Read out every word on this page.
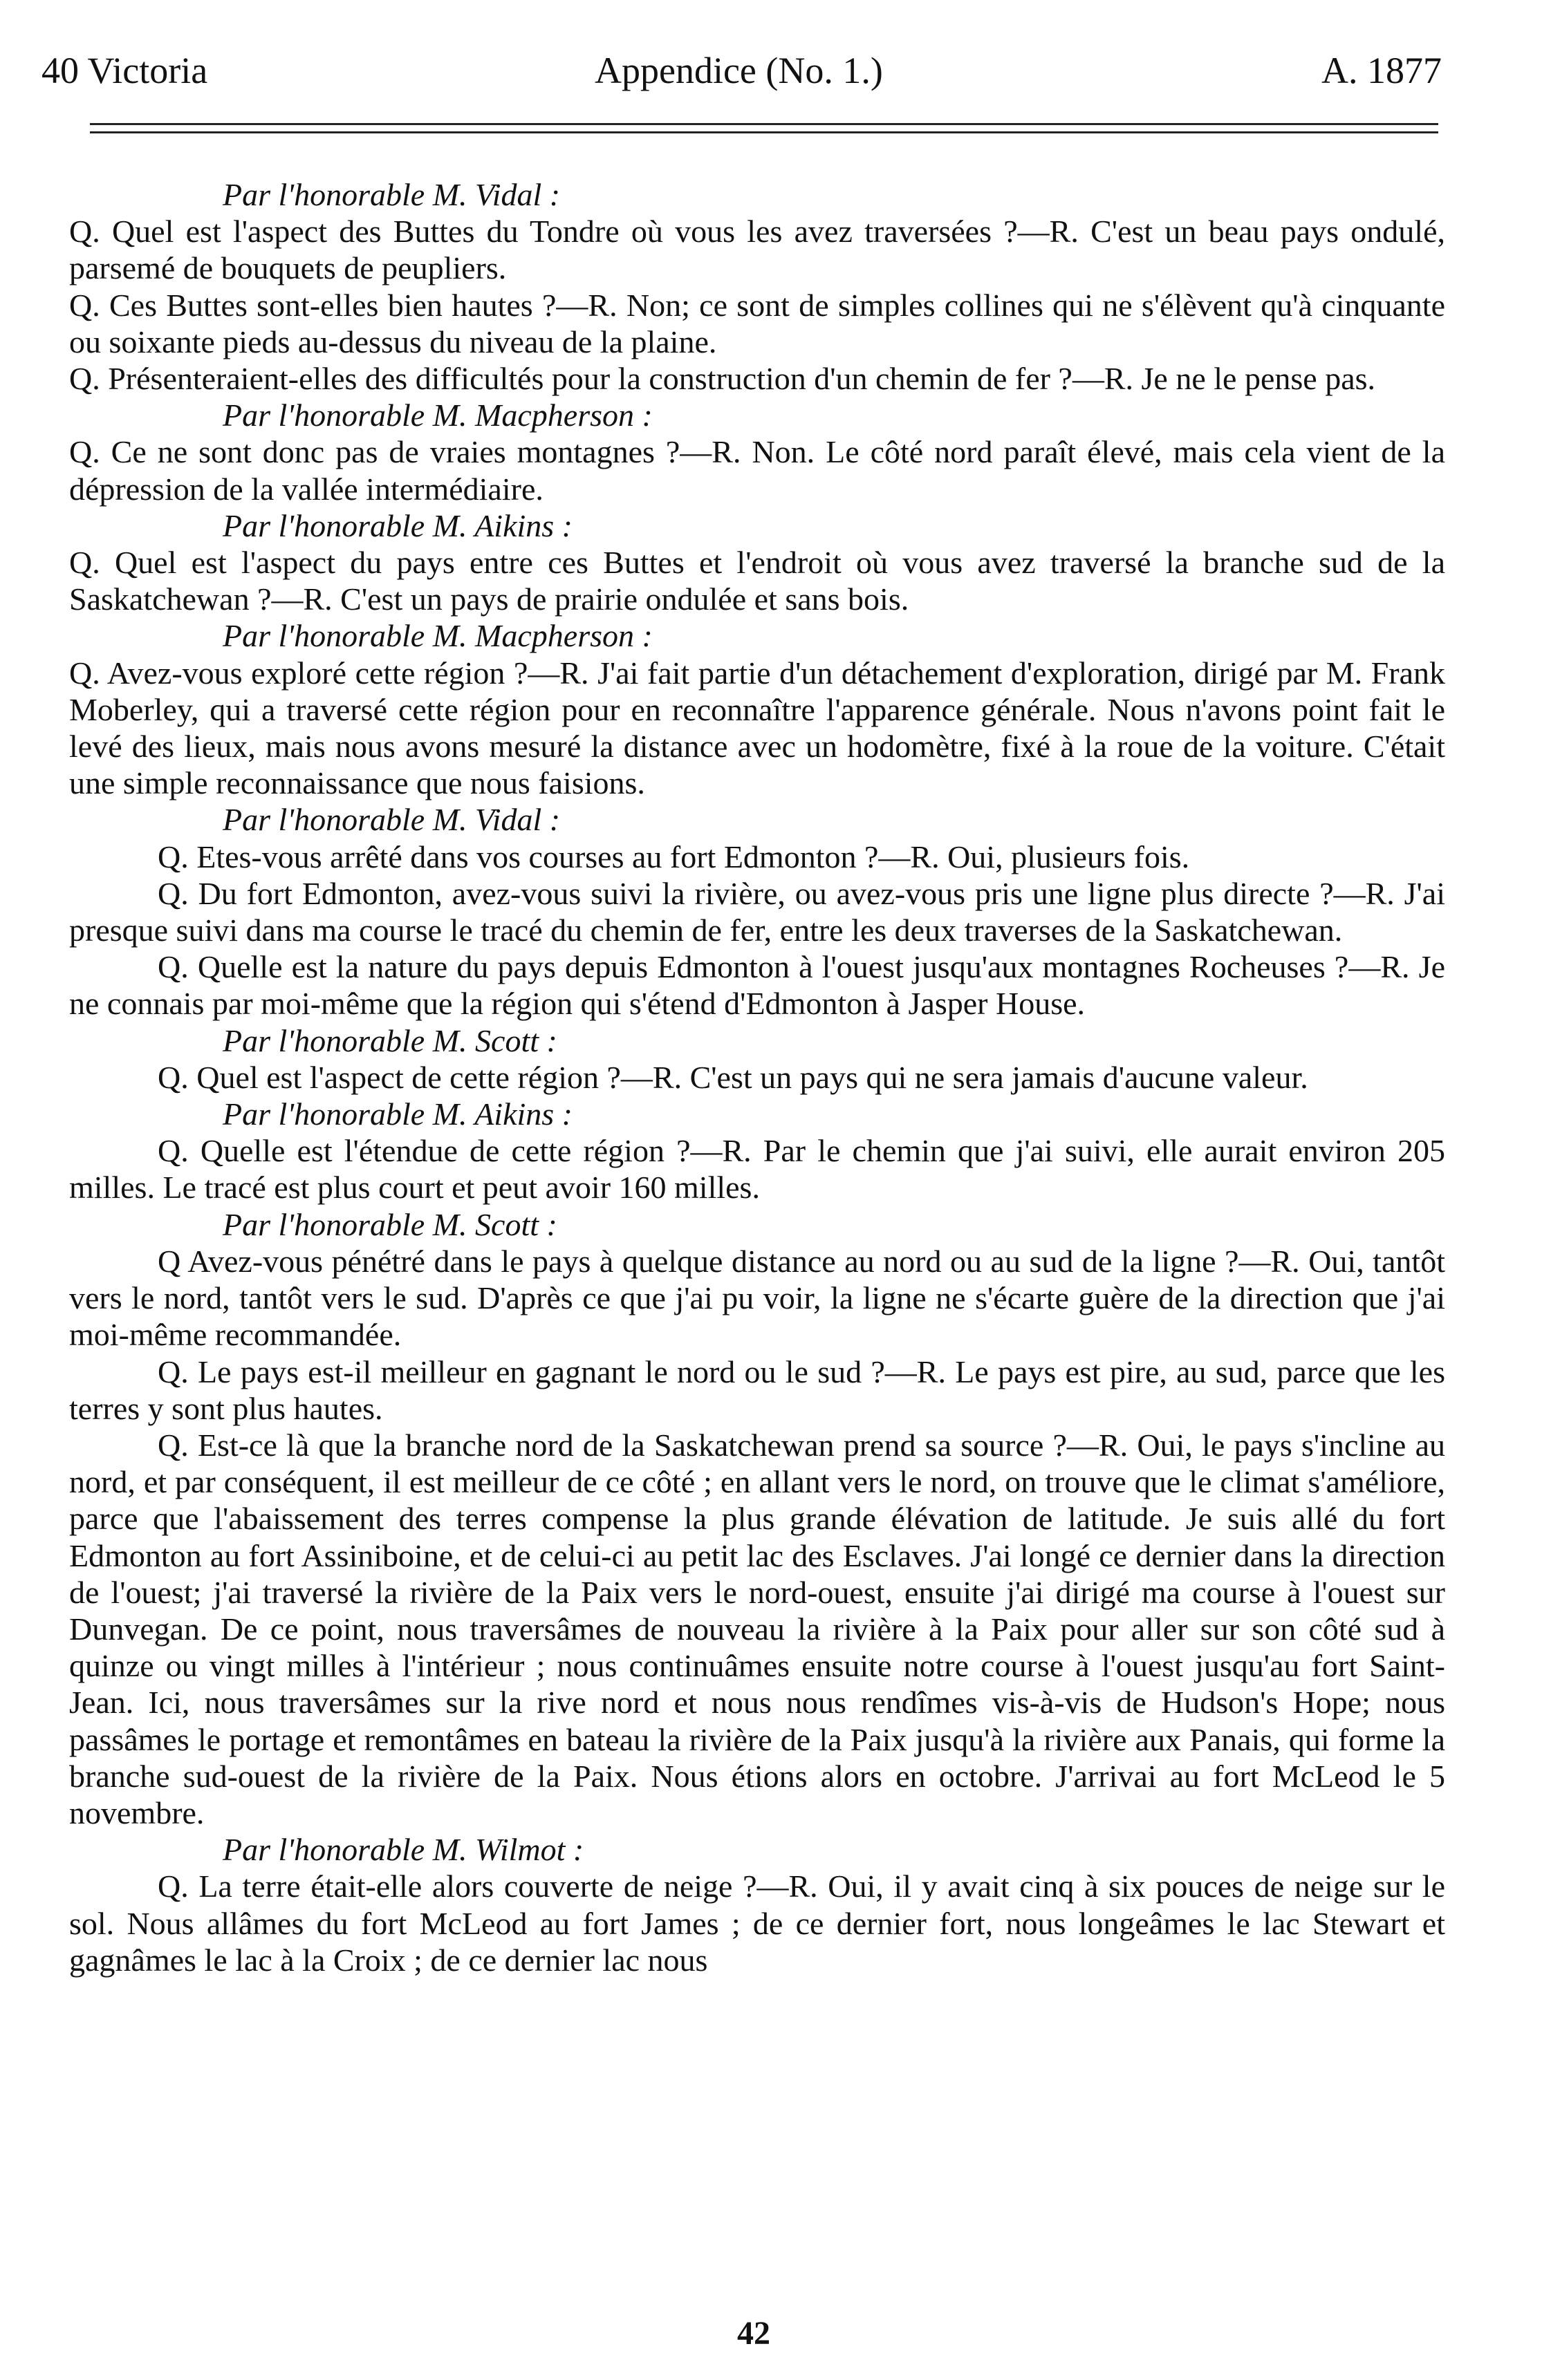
40 Victoria	Appendice (No. 1.)	A. 1877

Par l'honorable M. Vidal :

Q. Quel est l'aspect des Buttes du Tondre où vous les avez traversées ?—R. C'est un beau pays ondulé, parsemé de bouquets de peupliers.

Q. Ces Buttes sont-elles bien hautes ?—R. Non; ce sont de simples collines qui ne s'élèvent qu'à cinquante ou soixante pieds au-dessus du niveau de la plaine.

Q. Présenteraient-elles des difficultés pour la construction d'un chemin de fer ?—R. Je ne le pense pas.

Par l'honorable M. Macpherson :

Q. Ce ne sont donc pas de vraies montagnes ?—R. Non. Le côté nord paraît élevé, mais cela vient de la dépression de la vallée intermédiaire.

Par l'honorable M. Aikins :

Q. Quel est l'aspect du pays entre ces Buttes et l'endroit où vous avez traversé la branche sud de la Saskatchewan ?—R. C'est un pays de prairie ondulée et sans bois.

Par l'honorable M. Macpherson :

Q. Avez-vous exploré cette région ?—R. J'ai fait partie d'un détachement d'exploration, dirigé par M. Frank Moberley, qui a traversé cette région pour en reconnaître l'apparence générale. Nous n'avons point fait le levé des lieux, mais nous avons mesuré la distance avec un hodomètre, fixé à la roue de la voiture. C'était une simple reconnaissance que nous faisions.

Par l'honorable M. Vidal :

Q. Etes-vous arrêté dans vos courses au fort Edmonton ?—R. Oui, plusieurs fois.

Q. Du fort Edmonton, avez-vous suivi la rivière, ou avez-vous pris une ligne plus directe ?—R. J'ai presque suivi dans ma course le tracé du chemin de fer, entre les deux traverses de la Saskatchewan.

Q. Quelle est la nature du pays depuis Edmonton à l'ouest jusqu'aux montagnes Rocheuses ?—R. Je ne connais par moi-même que la région qui s'étend d'Edmonton à Jasper House.

Par l'honorable M. Scott :

Q. Quel est l'aspect de cette région ?—R. C'est un pays qui ne sera jamais d'aucune valeur.

Par l'honorable M. Aikins :

Q. Quelle est l'étendue de cette région ?—R. Par le chemin que j'ai suivi, elle aurait environ 205 milles. Le tracé est plus court et peut avoir 160 milles.

Par l'honorable M. Scott :

Q Avez-vous pénétré dans le pays à quelque distance au nord ou au sud de la ligne ?—R. Oui, tantôt vers le nord, tantôt vers le sud. D'après ce que j'ai pu voir, la ligne ne s'écarte guère de la direction que j'ai moi-même recommandée.

Q. Le pays est-il meilleur en gagnant le nord ou le sud ?—R. Le pays est pire, au sud, parce que les terres y sont plus hautes.

Q. Est-ce là que la branche nord de la Saskatchewan prend sa source ?—R. Oui, le pays s'incline au nord, et par conséquent, il est meilleur de ce côté ; en allant vers le nord, on trouve que le climat s'améliore, parce que l'abaissement des terres compense la plus grande élévation de latitude. Je suis allé du fort Edmonton au fort Assiniboine, et de celui-ci au petit lac des Esclaves. J'ai longé ce dernier dans la direction de l'ouest; j'ai traversé la rivière de la Paix vers le nord-ouest, ensuite j'ai dirigé ma course à l'ouest sur Dunvegan. De ce point, nous traversâmes de nouveau la rivière à la Paix pour aller sur son côté sud à quinze ou vingt milles à l'intérieur ; nous continuâmes ensuite notre course à l'ouest jusqu'au fort Saint-Jean. Ici, nous traversâmes sur la rive nord et nous nous rendîmes vis-à-vis de Hudson's Hope; nous passâmes le portage et remontâmes en bateau la rivière de la Paix jusqu'à la rivière aux Panais, qui forme la branche sud-ouest de la rivière de la Paix. Nous étions alors en octobre. J'arrivai au fort McLeod le 5 novembre.

Par l'honorable M. Wilmot :

Q. La terre était-elle alors couverte de neige ?—R. Oui, il y avait cinq à six pouces de neige sur le sol. Nous allâmes du fort McLeod au fort James ; de ce dernier fort, nous longeâmes le lac Stewart et gagnâmes le lac à la Croix ; de ce dernier lac nous

42
